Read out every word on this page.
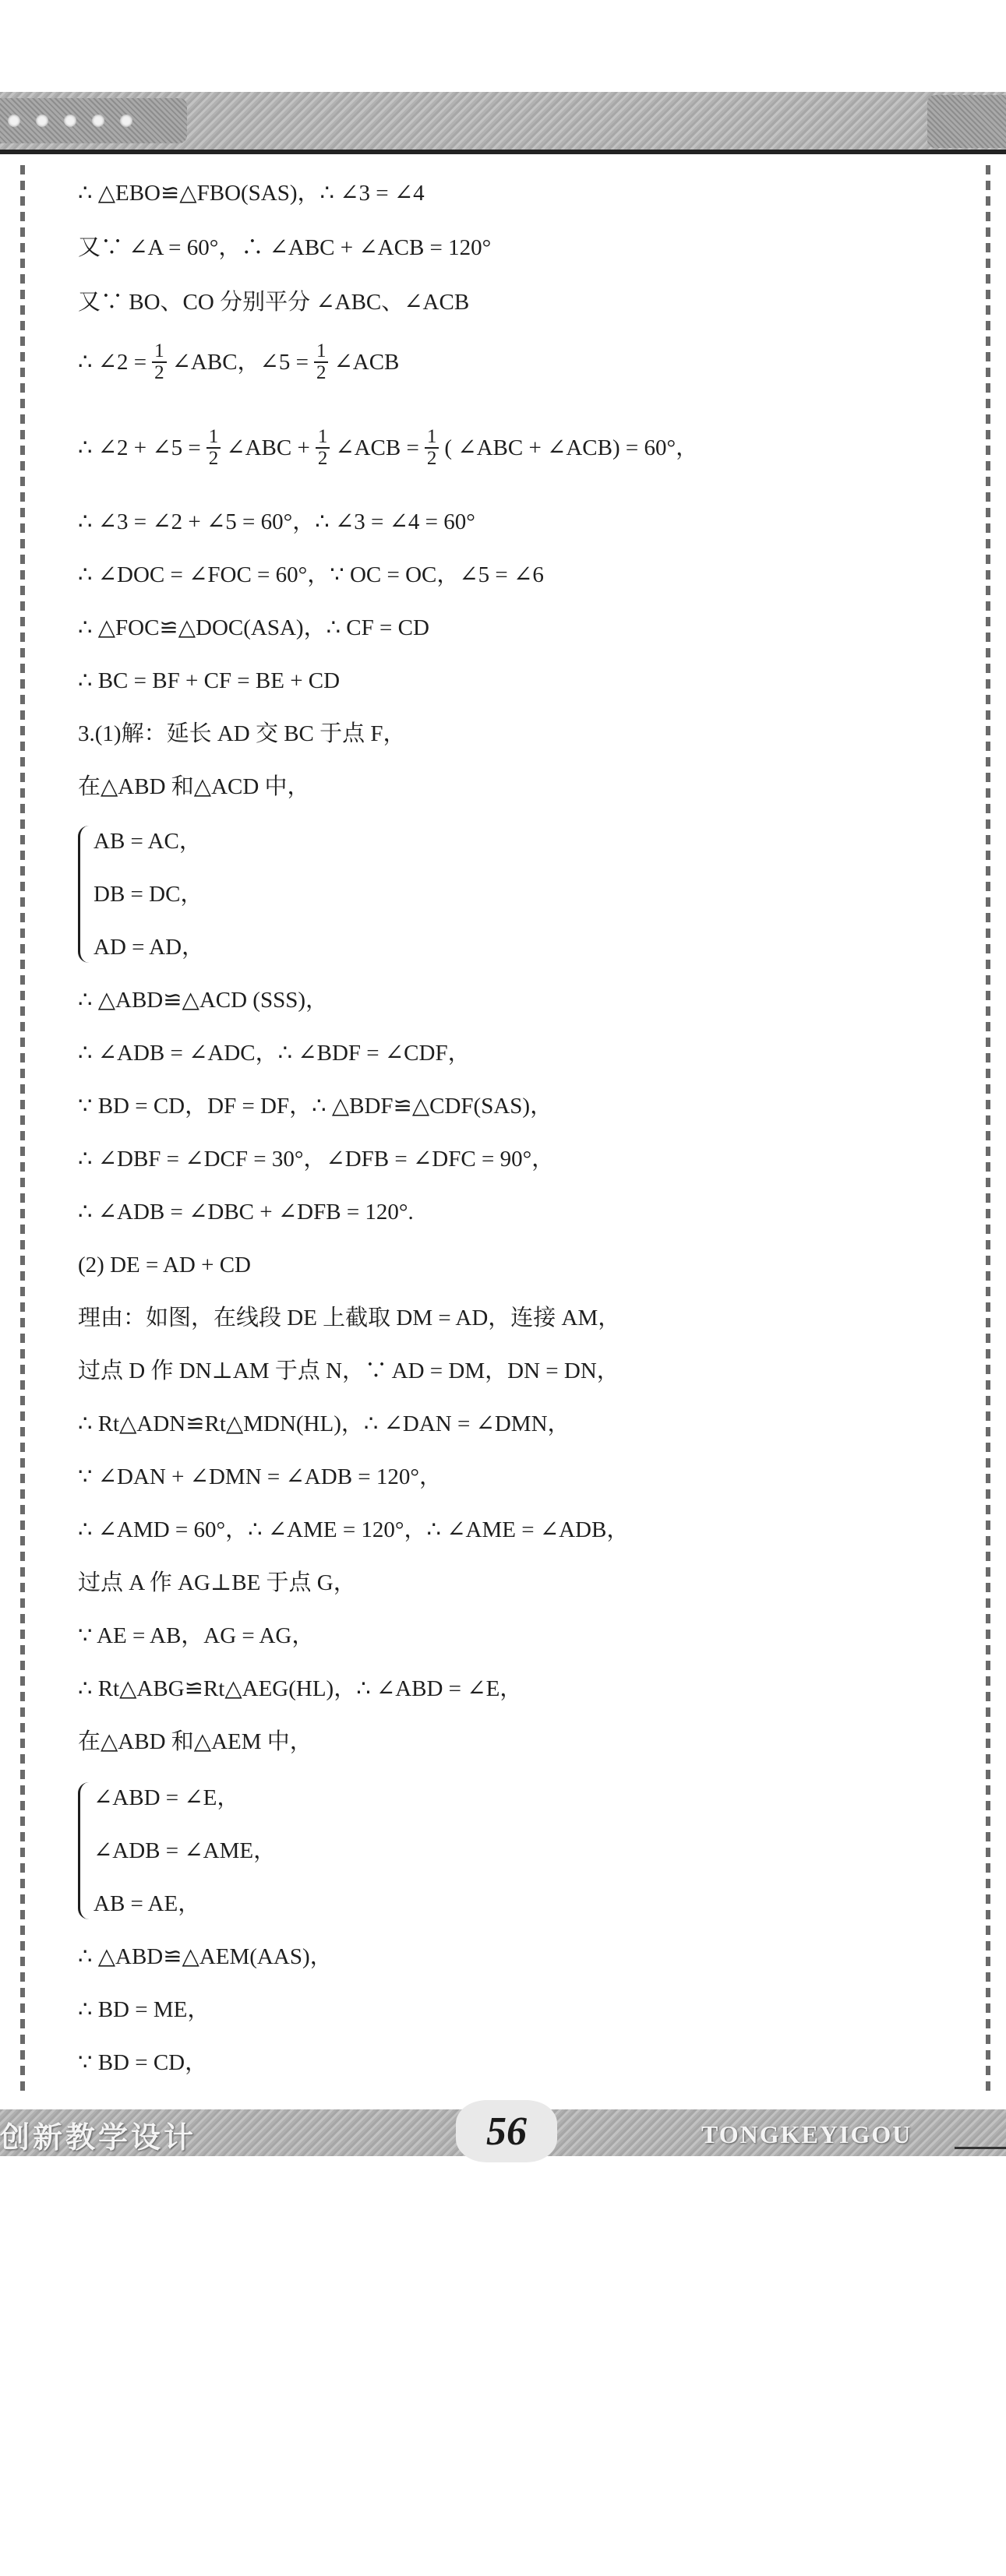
∴ △EBO≌△FBO(SAS)，∴ ∠3 = ∠4
又∵ ∠A = 60°，∴ ∠ABC + ∠ACB = 120°
又∵ BO、CO 分别平分 ∠ABC、∠ACB
∴ ∠2 = $\frac{1}{2}$ ∠ABC，∠5 = $\frac{1}{2}$ ∠ACB
∴ ∠2 + ∠5 = $\frac{1}{2}$ ∠ABC + $\frac{1}{2}$ ∠ACB = $\frac{1}{2}$ ( ∠ABC + ∠ACB) = 60°，
∴ ∠3 = ∠2 + ∠5 = 60°，∴ ∠3 = ∠4 = 60°
∴ ∠DOC = ∠FOC = 60°，∵ OC = OC，∠5 = ∠6
∴ △FOC≌△DOC(ASA)，∴ CF = CD
∴ BC = BF + CF = BE + CD
3.(1)解：延长 AD 交 BC 于点 F，
在△ABD 和△ACD 中，
AB = AC，
DB = DC，
AD = AD，
∴ △ABD≌△ACD (SSS)，
∴ ∠ADB = ∠ADC，∴ ∠BDF = ∠CDF，
∵ BD = CD，DF = DF，∴ △BDF≌△CDF(SAS)，
∴ ∠DBF = ∠DCF = 30°，∠DFB = ∠DFC = 90°，
∴ ∠ADB = ∠DBC + ∠DFB = 120°.
(2) DE = AD + CD
理由：如图，在线段 DE 上截取 DM = AD，连接 AM，
过点 D 作 DN⊥AM 于点 N，∵ AD = DM，DN = DN，
∴ Rt△ADN≌Rt△MDN(HL)，∴ ∠DAN = ∠DMN，
∵ ∠DAN + ∠DMN = ∠ADB = 120°，
∴ ∠AMD = 60°，∴ ∠AME = 120°，∴ ∠AME = ∠ADB，
过点 A 作 AG⊥BE 于点 G，
∵ AE = AB，AG = AG，
∴ Rt△ABG≌Rt△AEG(HL)，∴ ∠ABD = ∠E，
在△ABD 和△AEM 中，
∠ABD = ∠E，
∠ADB = ∠AME，
AB = AE，
∴ △ABD≌△AEM(AAS)，
∴ BD = ME，
∵ BD = CD，
创新教学设计	56	TONGKEYIGOU
